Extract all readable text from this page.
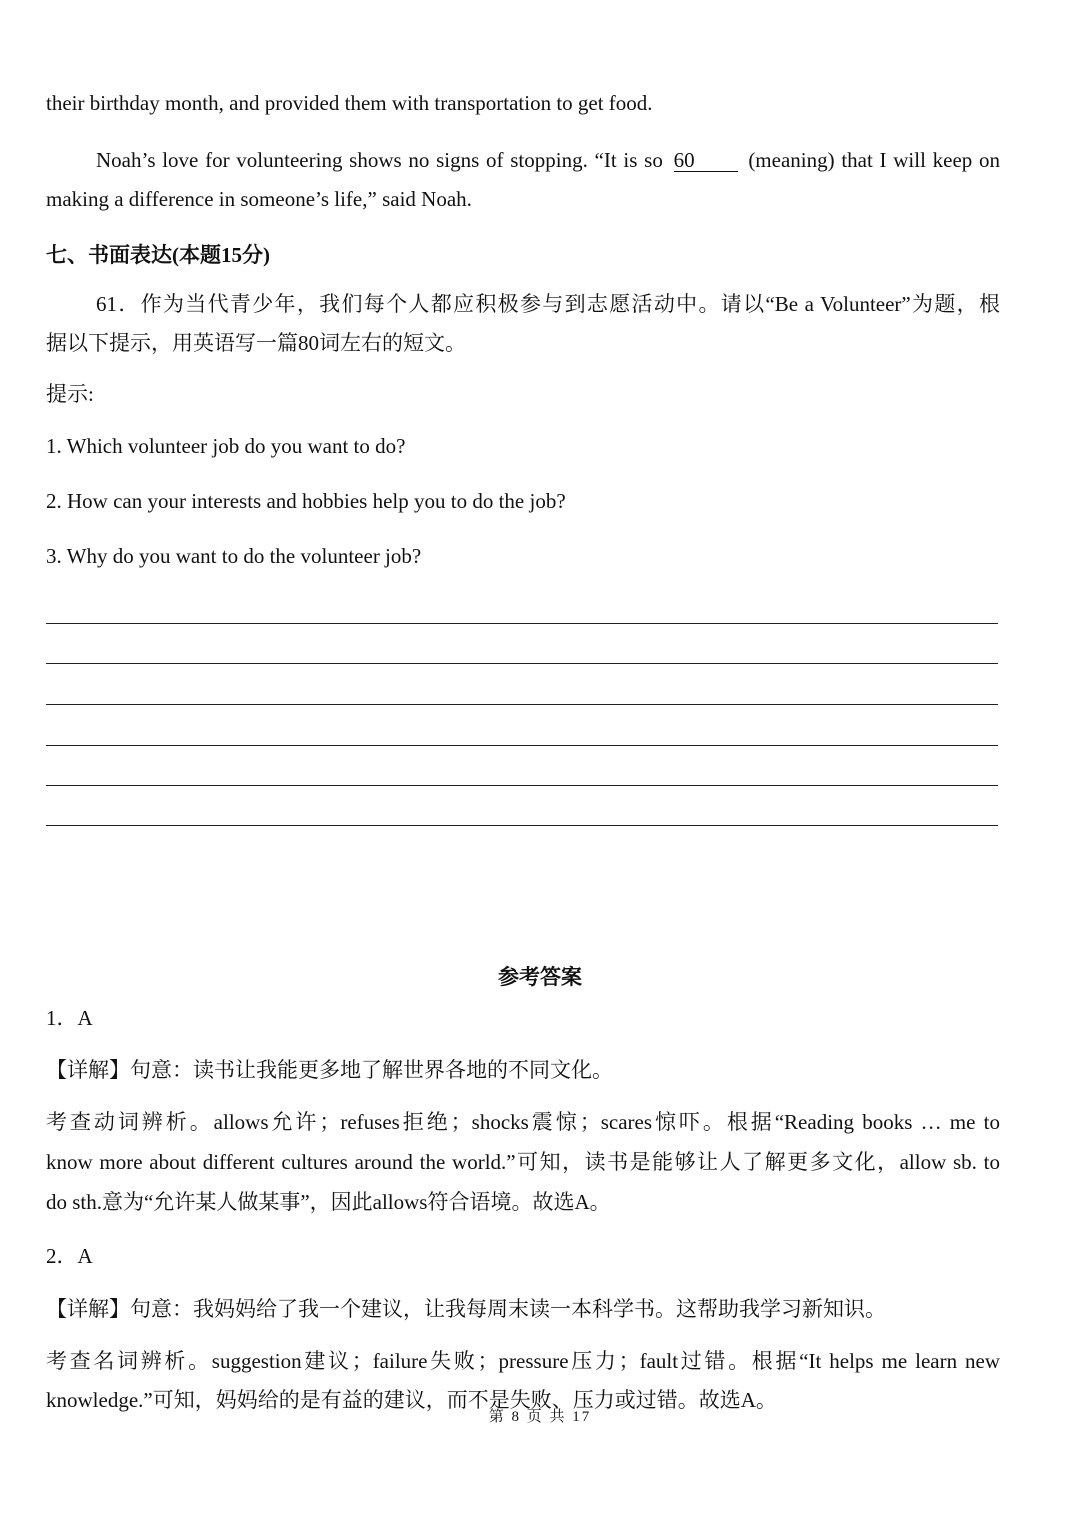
their birthday month, and provided them with transportation to get food.
Noah’s love for volunteering shows no signs of stopping. “It is so 60	(meaning) that I will keep on
making a difference in someone’s life,” said Noah.
七、书面表达(本题15分)
61．作为当代青少年，我们每个人都应积极参与到志愿活动中。请以“Be a Volunteer”为题，根
据以下提示，用英语写一篇80词左右的短文。
提示:
1. Which volunteer job do you want to do?
2. How can your interests and hobbies help you to do the job?
3. Why do you want to do the volunteer job?
参考答案
1．A
【详解】句意：读书让我能更多地了解世界各地的不同文化。
考查动词辨析。allows允许；refuses拒绝；shocks震惊；scares惊吓。根据“Reading books … me to
know more about different cultures around the world.”可知，读书是能够让人了解更多文化，allow sb. to
do sth.意为“允许某人做某事”，因此allows符合语境。故选A。
2．A
【详解】句意：我妈妈给了我一个建议，让我每周末读一本科学书。这帮助我学习新知识。
考查名词辨析。suggestion建议；failure失败；pressure压力；fault过错。根据“It helps me learn new
knowledge.”可知，妈妈给的是有益的建议，而不是失败、压力或过错。故选A。
第 8 页 共 17
